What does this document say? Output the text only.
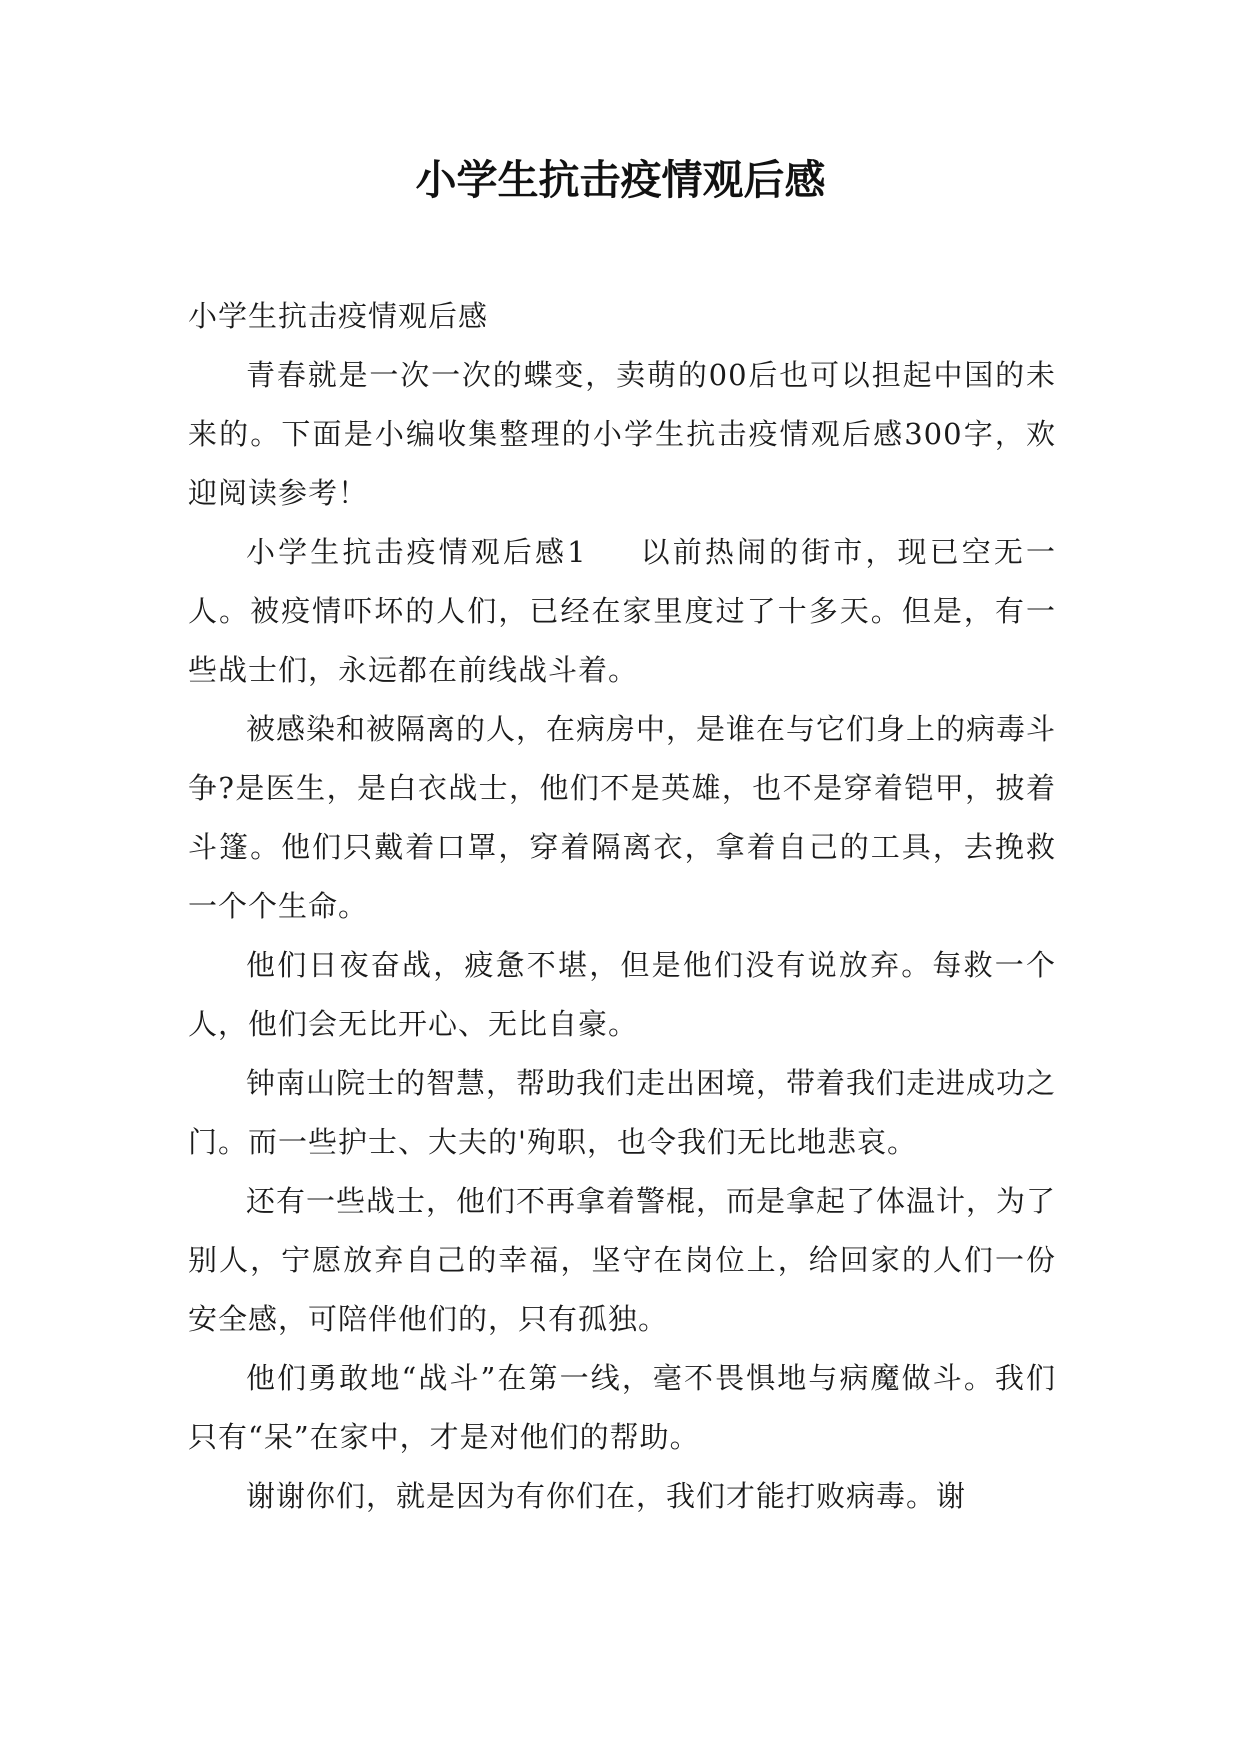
小学生抗击疫情观后感

小学生抗击疫情观后感

青春就是一次一次的蝶变，卖萌的00后也可以担起中国的未来的。下面是小编收集整理的小学生抗击疫情观后感300字，欢迎阅读参考！

小学生抗击疫情观后感1 以前热闹的街市，现已空无一人。被疫情吓坏的人们，已经在家里度过了十多天。但是，有一些战士们，永远都在前线战斗着。

被感染和被隔离的人，在病房中，是谁在与它们身上的病毒斗争?是医生，是白衣战士，他们不是英雄，也不是穿着铠甲，披着斗篷。他们只戴着口罩，穿着隔离衣，拿着自己的工具，去挽救一个个生命。

他们日夜奋战，疲惫不堪，但是他们没有说放弃。每救一个人，他们会无比开心、无比自豪。

钟南山院士的智慧，帮助我们走出困境，带着我们走进成功之门。而一些护士、大夫的'殉职，也令我们无比地悲哀。

还有一些战士，他们不再拿着警棍，而是拿起了体温计，为了别人，宁愿放弃自己的幸福，坚守在岗位上，给回家的人们一份安全感，可陪伴他们的，只有孤独。

他们勇敢地“战斗”在第一线，毫不畏惧地与病魔做斗。我们只有“呆”在家中，才是对他们的帮助。

谢谢你们，就是因为有你们在，我们才能打败病毒。谢
